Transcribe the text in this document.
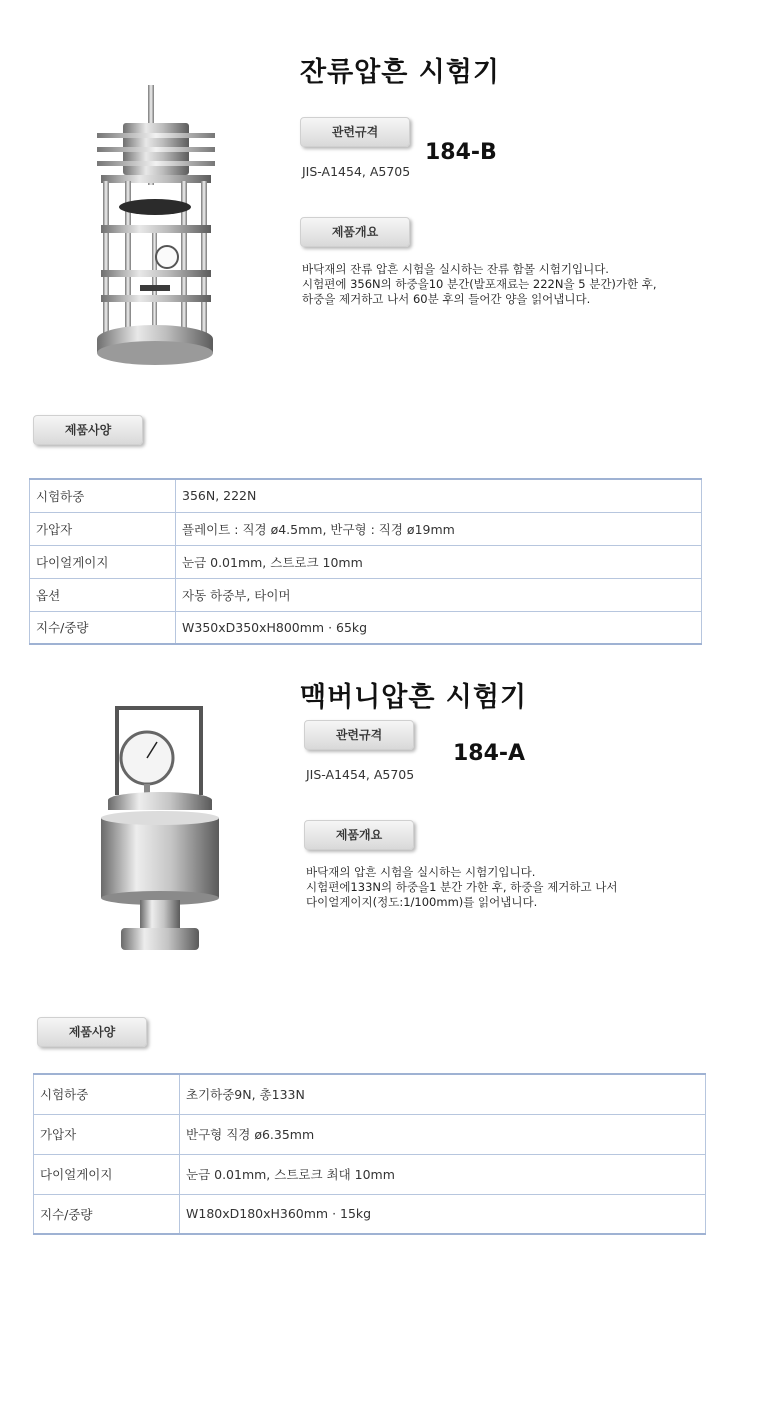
잔류압흔 시험기
관련규격
184-B
JIS-A1454, A5705
제품개요
바닥재의 잔류 압흔 시험을 실시하는 잔류 함몰 시험기입니다.
시험편에 356N의 하중을10 분간(발포재료는 222N을 5 분간)가한 후,
하중을 제거하고 나서 60분 후의 들어간 양을 읽어냅니다.
제품사양
시험하중	356N, 222N
가압자	플레이트 : 직경 ø4.5mm, 반구형 : 직경 ø19mm
다이얼게이지	눈금 0.01mm, 스트로크 10mm
옵션	자동 하중부, 타이머
지수/중량	W350xD350xH800mm · 65kg
맥버니압흔 시험기
관련규격
184-A
JIS-A1454, A5705
제품개요
바닥재의 압흔 시험을 실시하는 시험기입니다.
시험편에133N의 하중을1 분간 가한 후, 하중을 제거하고 나서
다이얼게이지(정도:1/100mm)를 읽어냅니다.
제품사양
시험하중	초기하중9N, 총133N
가압자	반구형 직경 ø6.35mm
다이얼게이지	눈금 0.01mm, 스트로크 최대 10mm
지수/중량	W180xD180xH360mm · 15kg
